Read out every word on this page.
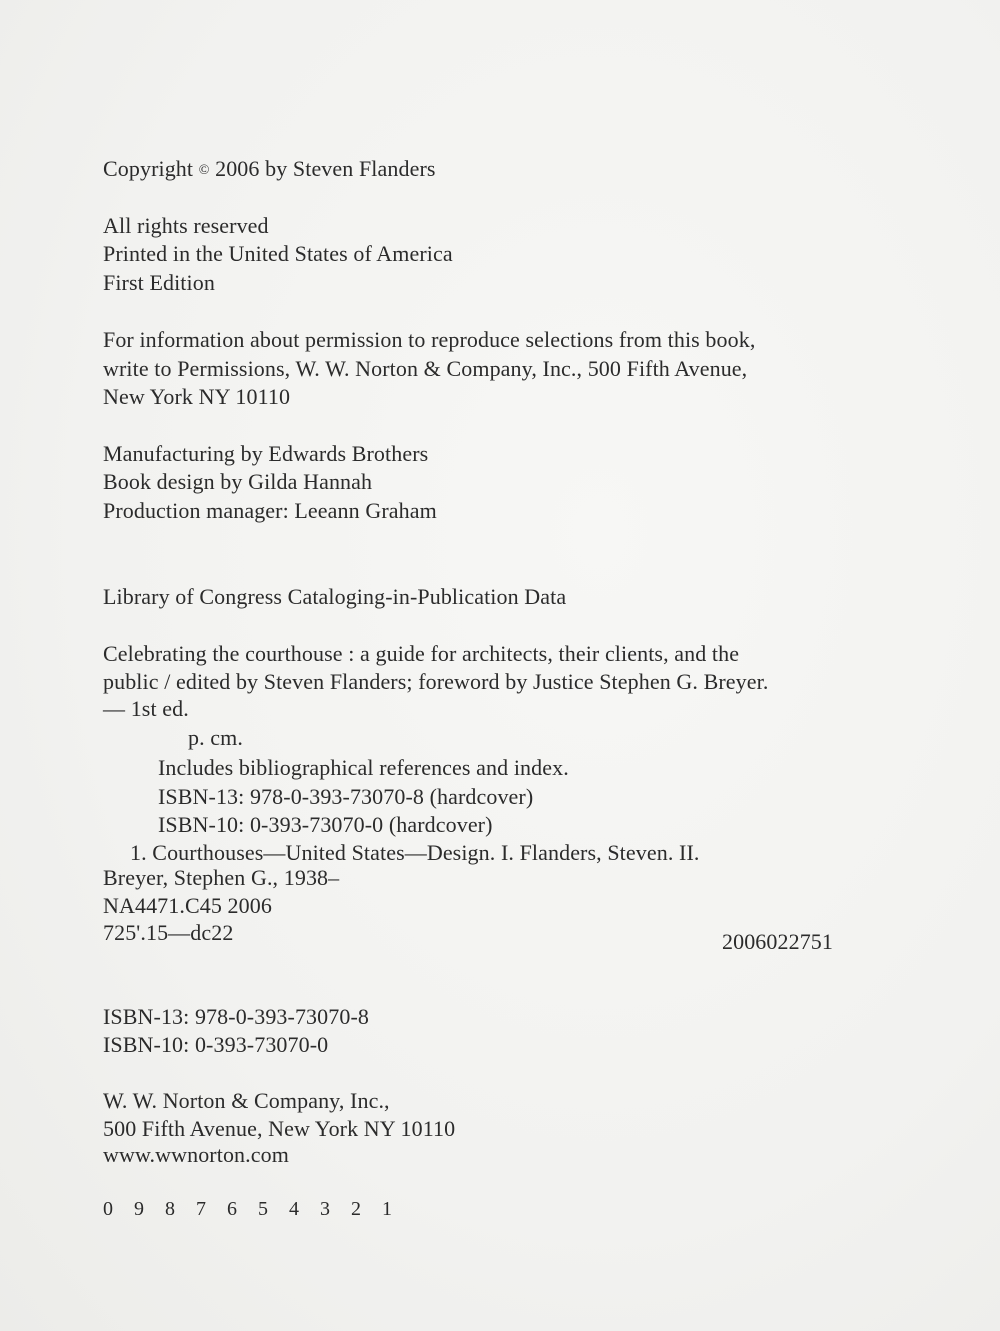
Copyright © 2006 by Steven Flanders
All rights reserved
Printed in the United States of America
First Edition
For information about permission to reproduce selections from this book,
write to Permissions, W. W. Norton & Company, Inc., 500 Fifth Avenue,
New York NY 10110
Manufacturing by Edwards Brothers
Book design by Gilda Hannah
Production manager: Leeann Graham
Library of Congress Cataloging-in-Publication Data
Celebrating the courthouse : a guide for architects, their clients, and the
public / edited by Steven Flanders; foreword by Justice Stephen G. Breyer.
— 1st ed.
p. cm.
Includes bibliographical references and index.
ISBN-13: 978-0-393-73070-8 (hardcover)
ISBN-10: 0-393-73070-0 (hardcover)
1. Courthouses—United States—Design. I. Flanders, Steven. II.
Breyer, Stephen G., 1938–
NA4471.C45 2006
725'.15—dc22	2006022751
ISBN-13: 978-0-393-73070-8
ISBN-10: 0-393-73070-0
W. W. Norton & Company, Inc.,
500 Fifth Avenue, New York NY 10110
www.wwnorton.com
0 9 8 7 6 5 4 3 2 1
